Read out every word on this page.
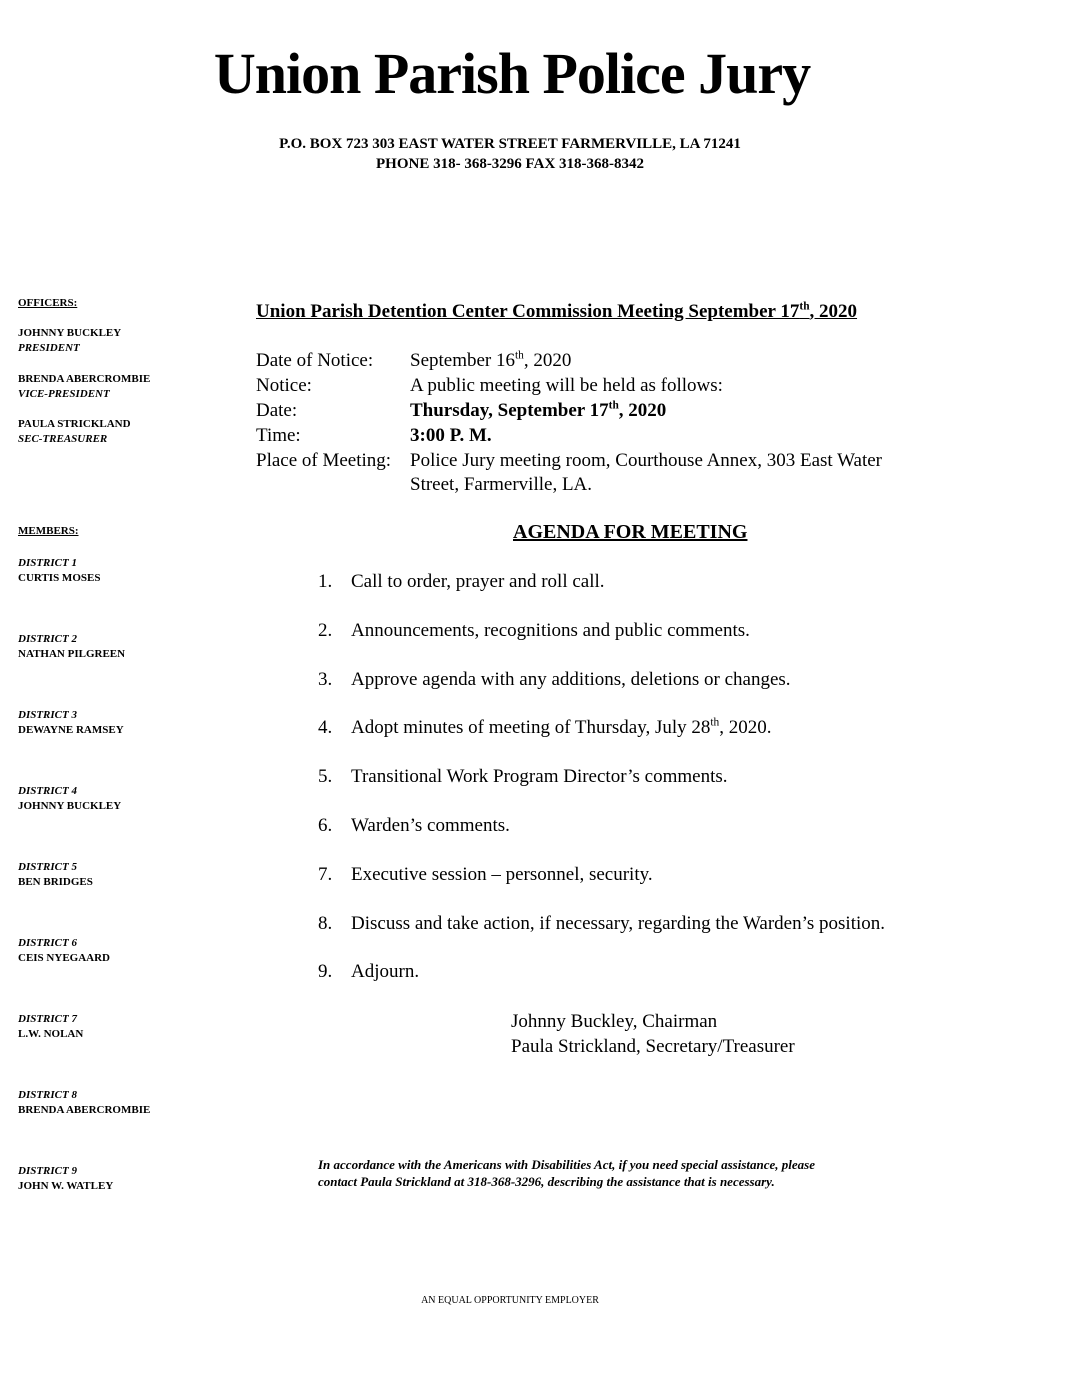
Union Parish Police Jury
P.O. BOX 723 303 EAST WATER STREET FARMERVILLE, LA 71241
PHONE 318- 368-3296 FAX 318-368-8342
OFFICERS:
JOHNNY BUCKLEY
PRESIDENT
BRENDA ABERCROMBIE
VICE-PRESIDENT
PAULA STRICKLAND
SEC-TREASURER
MEMBERS:
DISTRICT 1
CURTIS MOSES
DISTRICT 2
NATHAN PILGREEN
DISTRICT 3
DEWAYNE RAMSEY
DISTRICT 4
JOHNNY BUCKLEY
DISTRICT 5
BEN BRIDGES
DISTRICT 6
CEIS NYEGAARD
DISTRICT 7
L.W. NOLAN
DISTRICT 8
BRENDA ABERCROMBIE
DISTRICT 9
JOHN W. WATLEY
Union Parish Detention Center Commission Meeting September 17th, 2020
Date of Notice: September 16th, 2020
Notice:	A public meeting will be held as follows:
Date:	Thursday, September 17th, 2020
Time:	3:00 P. M.
Place of Meeting: Police Jury meeting room, Courthouse Annex, 303 East Water
Street, Farmerville, LA.
AGENDA FOR MEETING
1. Call to order, prayer and roll call.
2. Announcements, recognitions and public comments.
3. Approve agenda with any additions, deletions or changes.
4. Adopt minutes of meeting of Thursday, July 28th, 2020.
5. Transitional Work Program Director’s comments.
6. Warden’s comments.
7. Executive session – personnel, security.
8. Discuss and take action, if necessary, regarding the Warden’s position.
9. Adjourn.
Johnny Buckley, Chairman
Paula Strickland, Secretary/Treasurer
In accordance with the Americans with Disabilities Act, if you need special assistance, please
contact Paula Strickland at 318-368-3296, describing the assistance that is necessary.
AN EQUAL OPPORTUNITY EMPLOYER
